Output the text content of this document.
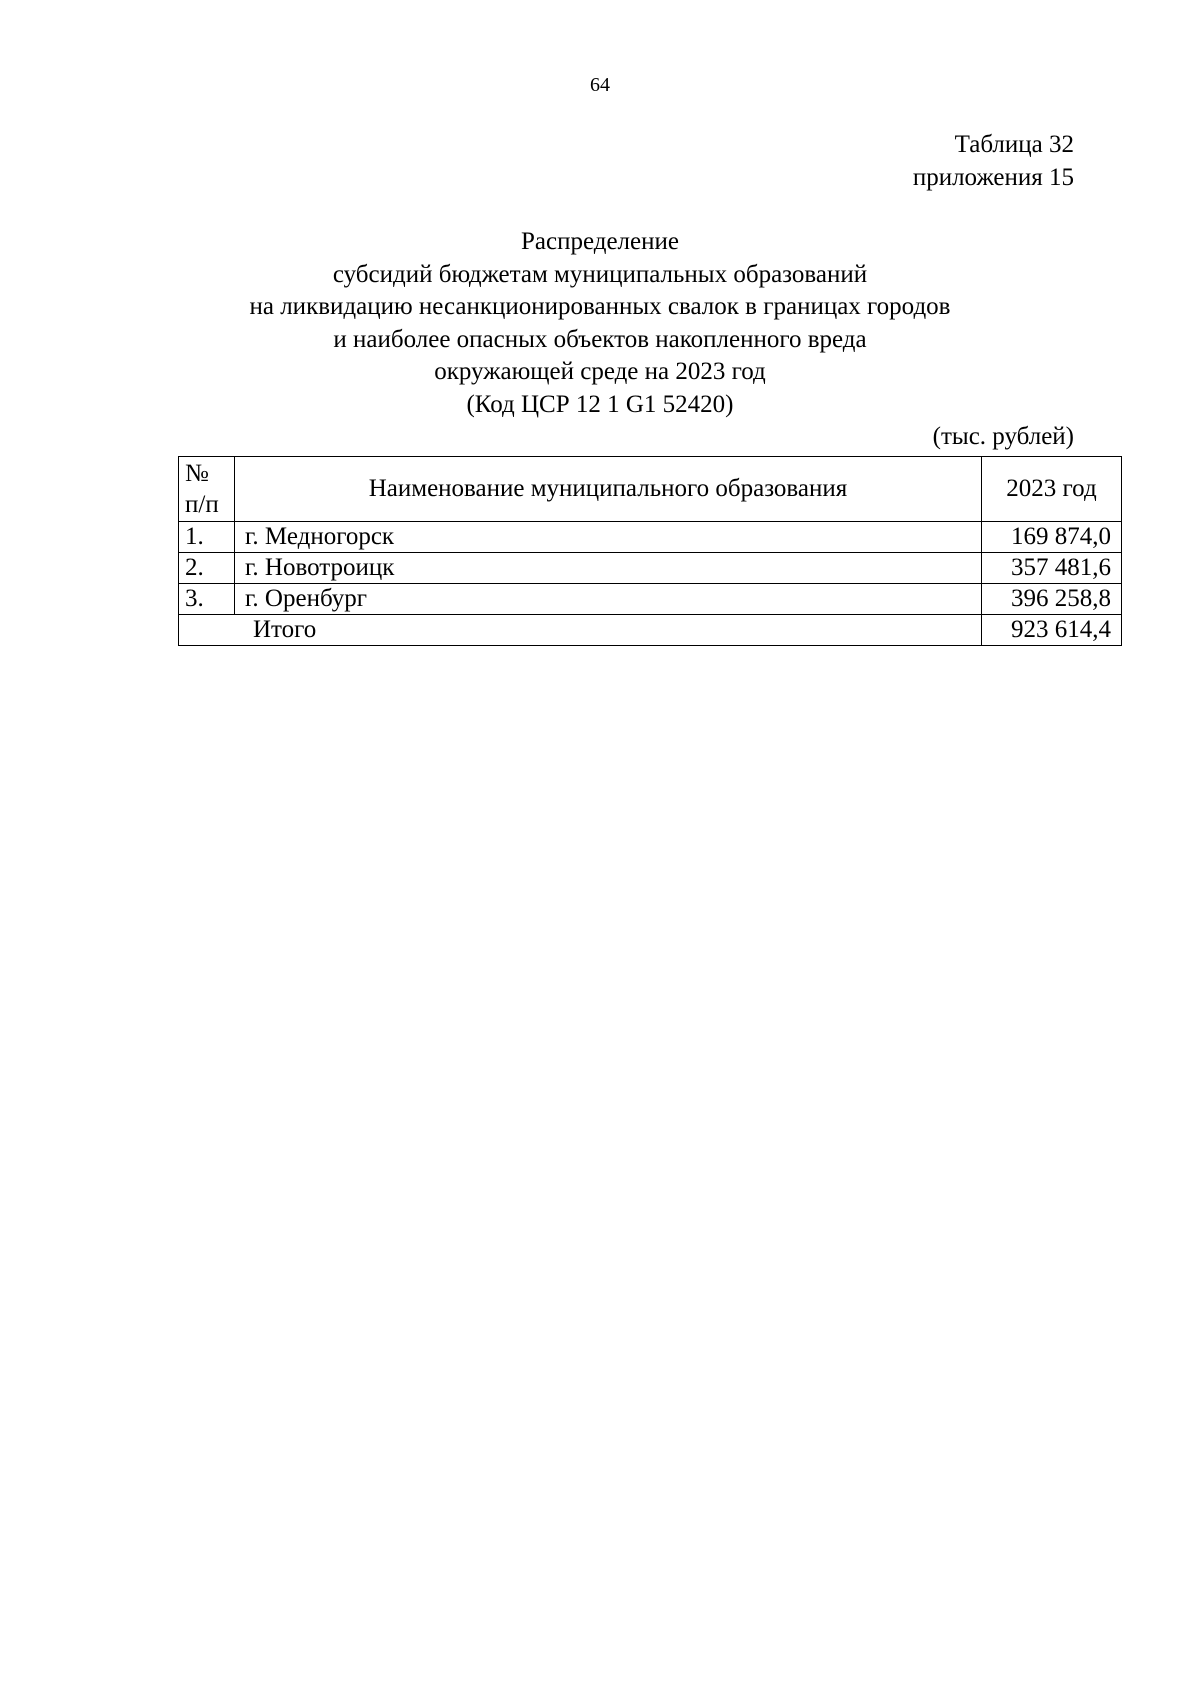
64
Таблица 32
приложения 15
Распределение
субсидий бюджетам муниципальных образований
на ликвидацию несанкционированных свалок в границах городов
и наиболее опасных объектов накопленного вреда
окружающей среде на 2023 год
(Код ЦСР 12 1 G1 52420)
(тыс. рублей)
№
п/п	Наименование муниципального образования	2023 год
1.	г. Медногорск	169 874,0
2.	г. Новотроицк	357 481,6
3.	г. Оренбург	396 258,8
Итого		923 614,4
